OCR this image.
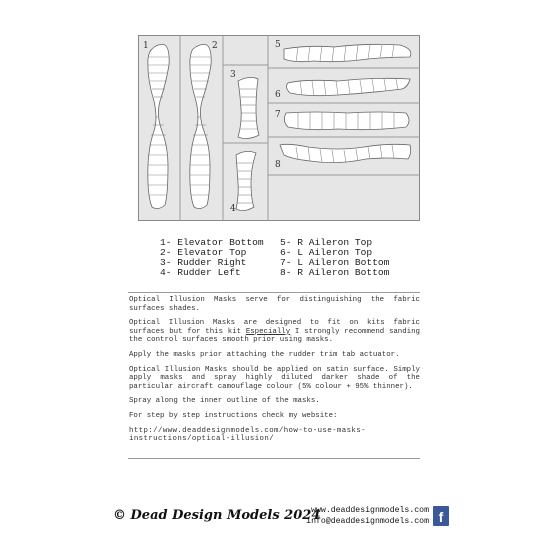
1	2
3
4
5
6
7
8
1- Elevator Bottom	5- R Aileron Top
2- Elevator Top	6- L Aileron Top
3- Rudder Right	7- L Aileron Bottom
4- Rudder Left	8- R Aileron Bottom

Optical Illusion Masks serve for distinguishing the fabric surfaces shades.

Optical Illusion Masks are designed to fit on kits fabric surfaces but for this kit Especially I strongly recommend sanding the control surfaces smooth prior using masks.

Apply the masks prior attaching the rudder trim tab actuator.

Optical Illusion Masks should be applied on satin surface. Simply apply masks and spray highly diluted darker shade of the particular aircraft camouflage colour (5% colour + 95% thinner).

Spray along the inner outline of the masks.

For step by step instructions check my website:

http://www.deaddesignmodels.com/how-to-use-masks-instructions/optical-illusion/

© Dead Design Models 2024
www.deaddesignmodels.com
info@deaddesignmodels.com f
